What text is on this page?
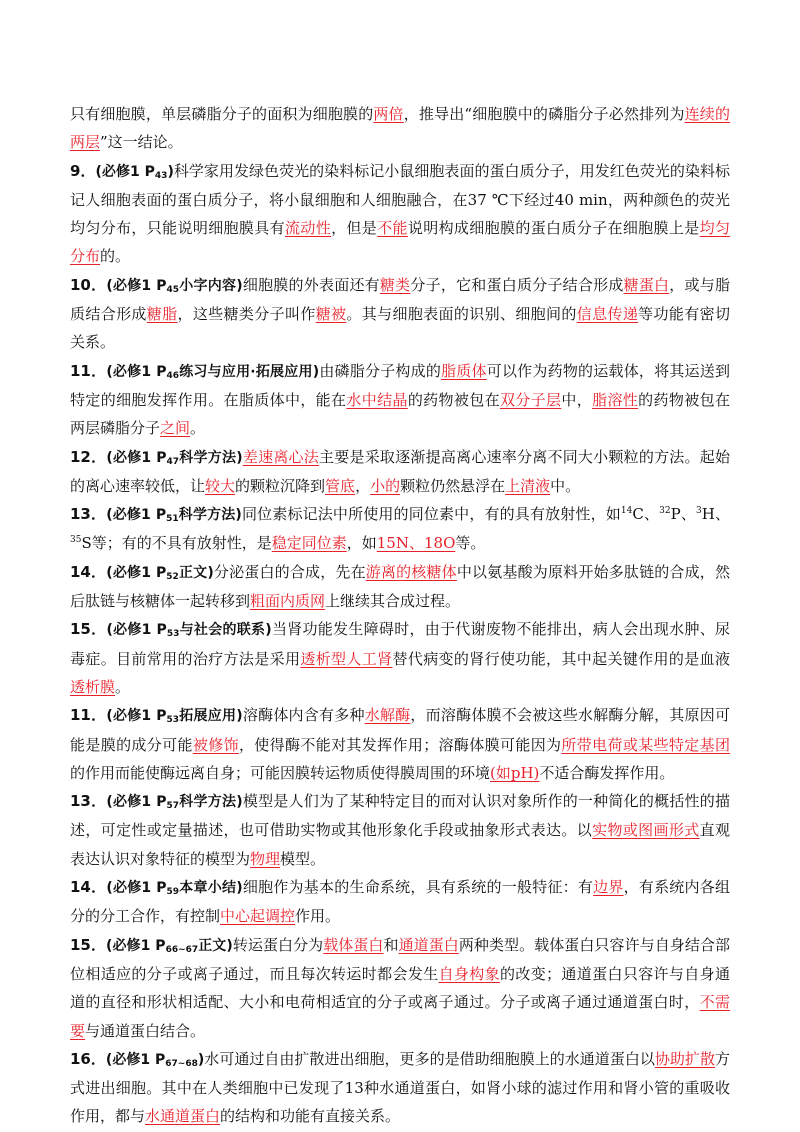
只有细胞膜，单层磷脂分子的面积为细胞膜的两倍，推导出“细胞膜中的磷脂分子必然排列为连续的两层”这一结论。

9．(必修1 $P_{43}$)科学家用发绿色荧光的染料标记小鼠细胞表面的蛋白质分子，用发红色荧光的染料标记人细胞表面的蛋白质分子，将小鼠细胞和人细胞融合，在37 ℃下经过40 min，两种颜色的荧光均匀分布，只能说明细胞膜具有流动性，但是不能说明构成细胞膜的蛋白质分子在细胞膜上是均匀分布的。

10．(必修1 $P_{45}$小字内容)细胞膜的外表面还有糖类分子，它和蛋白质分子结合形成糖蛋白，或与脂质结合形成糖脂，这些糖类分子叫作糖被。其与细胞表面的识别、细胞间的信息传递等功能有密切关系。

11．(必修1 $P_{46}$练习与应用·拓展应用)由磷脂分子构成的脂质体可以作为药物的运载体，将其运送到特定的细胞发挥作用。在脂质体中，能在水中结晶的药物被包在双分子层中，脂溶性的药物被包在两层磷脂分子之间。

12．(必修1 $P_{47}$科学方法)差速离心法主要是采取逐渐提高离心速率分离不同大小颗粒的方法。起始的离心速率较低，让较大的颗粒沉降到管底，小的颗粒仍然悬浮在上清液中。

13．(必修1 $P_{51}$科学方法)同位素标记法中所使用的同位素中，有的具有放射性，如$^{14}$C、$^{32}$P、$^3$H、$^{35}$S等；有的不具有放射性，是稳定同位素，如15N、18O等。

14．(必修1 $P_{52}$正文)分泌蛋白的合成，先在游离的核糖体中以氨基酸为原料开始多肽链的合成，然后肽链与核糖体一起转移到粗面内质网上继续其合成过程。

15．(必修1 $P_{53}$与社会的联系)当肾功能发生障碍时，由于代谢废物不能排出，病人会出现水肿、尿毒症。目前常用的治疗方法是采用透析型人工肾替代病变的肾行使功能，其中起关键作用的是血液透析膜。

11．(必修1 $P_{53}$拓展应用)溶酶体内含有多种水解酶，而溶酶体膜不会被这些水解酶分解，其原因可能是膜的成分可能被修饰，使得酶不能对其发挥作用；溶酶体膜可能因为所带电荷或某些特定基团的作用而能使酶远离自身；可能因膜转运物质使得膜周围的环境(如pH)不适合酶发挥作用。

13．(必修1 $P_{57}$科学方法)模型是人们为了某种特定目的而对认识对象所作的一种简化的概括性的描述，可定性或定量描述，也可借助实物或其他形象化手段或抽象形式表达。以实物或图画形式直观表达认识对象特征的模型为物理模型。

14．(必修1 $P_{59}$本章小结)细胞作为基本的生命系统，具有系统的一般特征：有边界，有系统内各组分的分工合作，有控制中心起调控作用。

15．(必修1 $P_{66\sim 67}$正文)转运蛋白分为载体蛋白和通道蛋白两种类型。载体蛋白只容许与自身结合部位相适应的分子或离子通过，而且每次转运时都会发生自身构象的改变；通道蛋白只容许与自身通道的直径和形状相适配、大小和电荷相适宜的分子或离子通过。分子或离子通过通道蛋白时，不需要与通道蛋白结合。

16．(必修1 $P_{67\sim 68}$)水可通过自由扩散进出细胞，更多的是借助细胞膜上的水通道蛋白以协助扩散方式进出细胞。其中在人类细胞中已发现了13种水通道蛋白，如肾小球的滤过作用和肾小管的重吸收作用，都与水通道蛋白的结构和功能有直接关系。
